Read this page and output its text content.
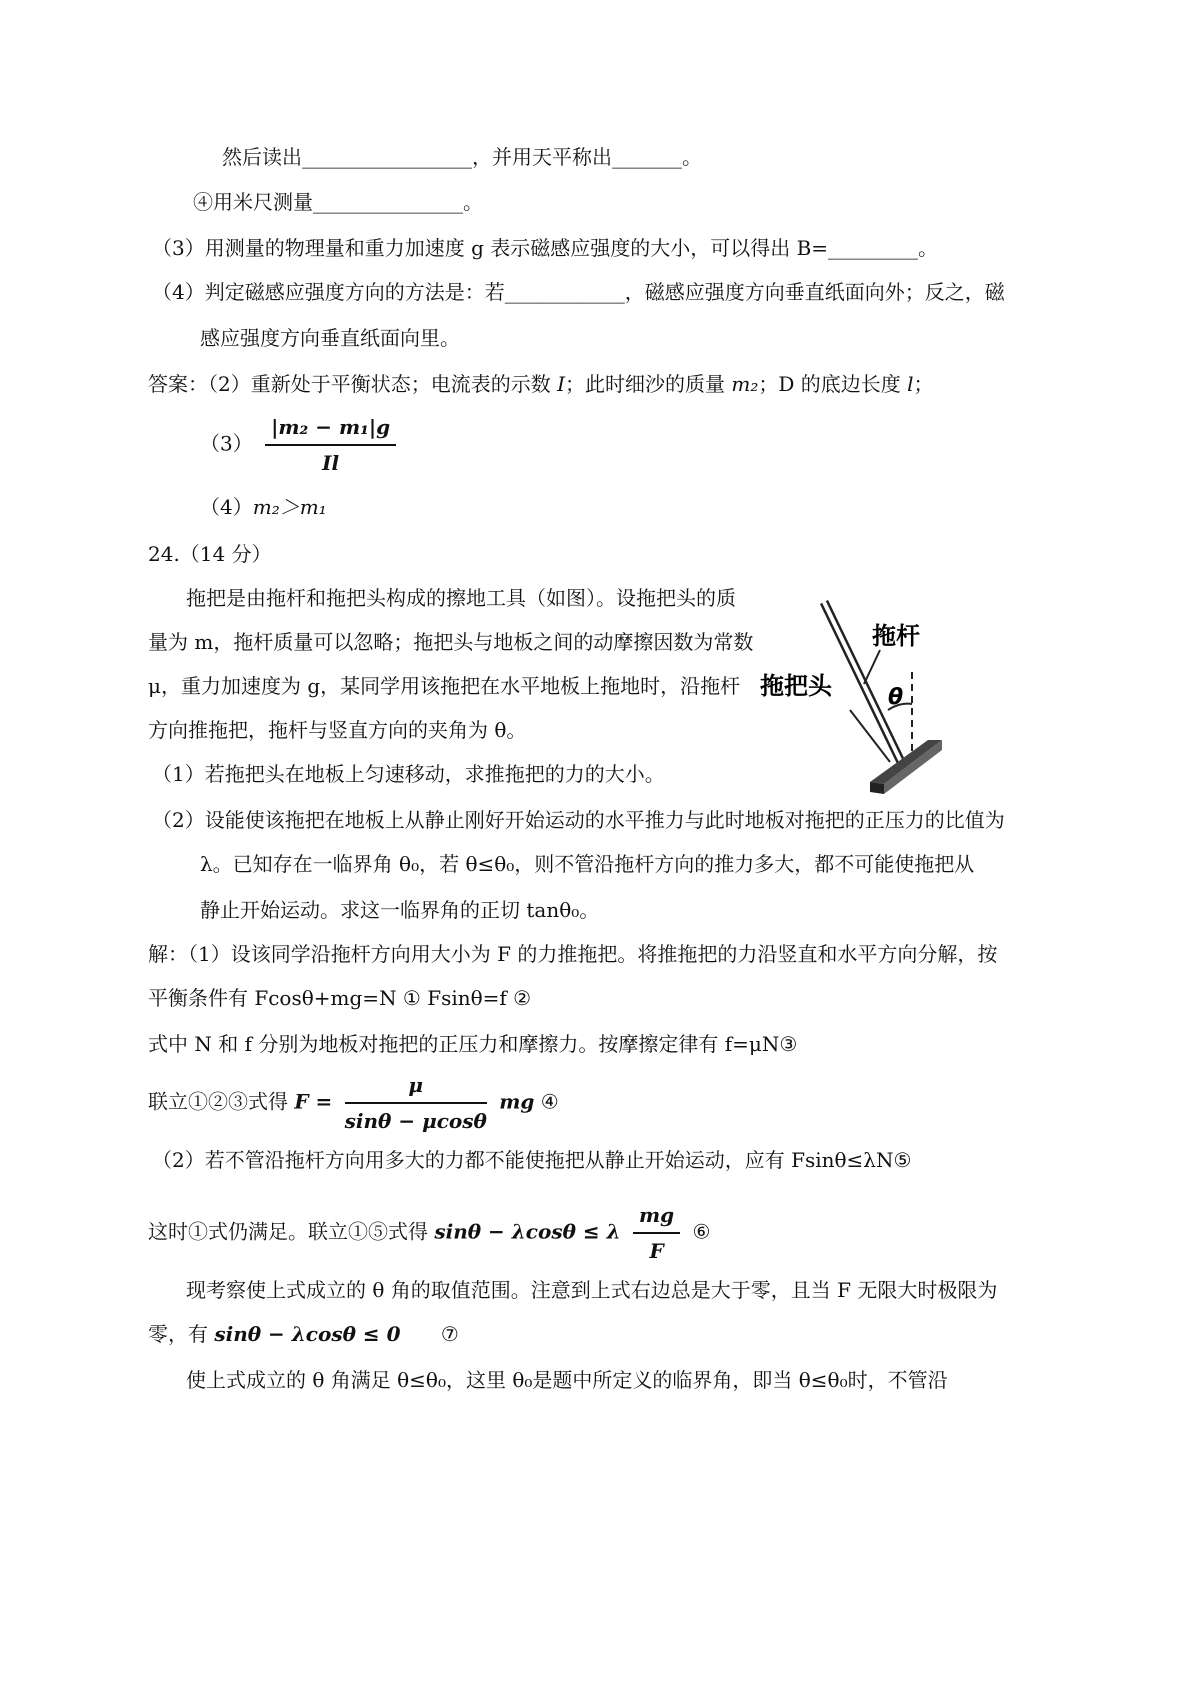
然后读出_________________，并用天平称出_______。
④用米尺测量_______________。
（3）用测量的物理量和重力加速度 g 表示磁感应强度的大小，可以得出 B=_________。
（4）判定磁感应强度方向的方法是：若____________，磁感应强度方向垂直纸面向外；反之，磁
感应强度方向垂直纸面向里。
答案：（2）重新处于平衡状态；电流表的示数 I；此时细沙的质量 m₂；D 的底边长度 l；
$(3) \frac{\text{|m₂ − m₁|g}}{Il}$
（4）m₂＞m₁
24.（14 分）
拖把是由拖杆和拖把头构成的擦地工具（如图）。设拖把头的质
量为 m，拖杆质量可以忽略；拖把头与地板之间的动摩擦因数为常数
μ，重力加速度为 g，某同学用该拖把在水平地板上拖地时，沿拖杆
方向推拖把，拖杆与竖直方向的夹角为 θ。
拖杆
拖把头	θ
（1）若拖把头在地板上匀速移动，求推拖把的力的大小。
（2）设能使该拖把在地板上从静止刚好开始运动的水平推力与此时地板对拖把的正压力的比值为
λ。已知存在一临界角 θ₀，若 θ≤θ₀，则不管沿拖杆方向的推力多大，都不可能使拖把从
静止开始运动。求这一临界角的正切 tanθ₀。
解：（1）设该同学沿拖杆方向用大小为 F 的力推拖把。将推拖把的力沿竖直和水平方向分解，按
平衡条件有 Fcosθ+mg=N ① Fsinθ=f ②
式中 N 和 f 分别为地板对拖把的正压力和摩擦力。按摩擦定律有 f=μN③
联立①②③式得 $F = \frac{\mu}{\sin\theta - \mu\cos\theta}$ mg ④
（2）若不管沿拖杆方向用多大的力都不能使拖把从静止开始运动，应有 Fsinθ≤λN⑤
这时①式仍满足。联立①⑤式得 sinθ − λcosθ ≤ λ $\frac{mg}{F}$ ⑥
现考察使上式成立的 θ 角的取值范围。注意到上式右边总是大于零，且当 F 无限大时极限为
零，有 sinθ − λcosθ ≤ 0 ⑦
使上式成立的 θ 角满足 θ≤θ₀，这里 θ₀是题中所定义的临界角，即当 θ≤θ₀时，不管沿
